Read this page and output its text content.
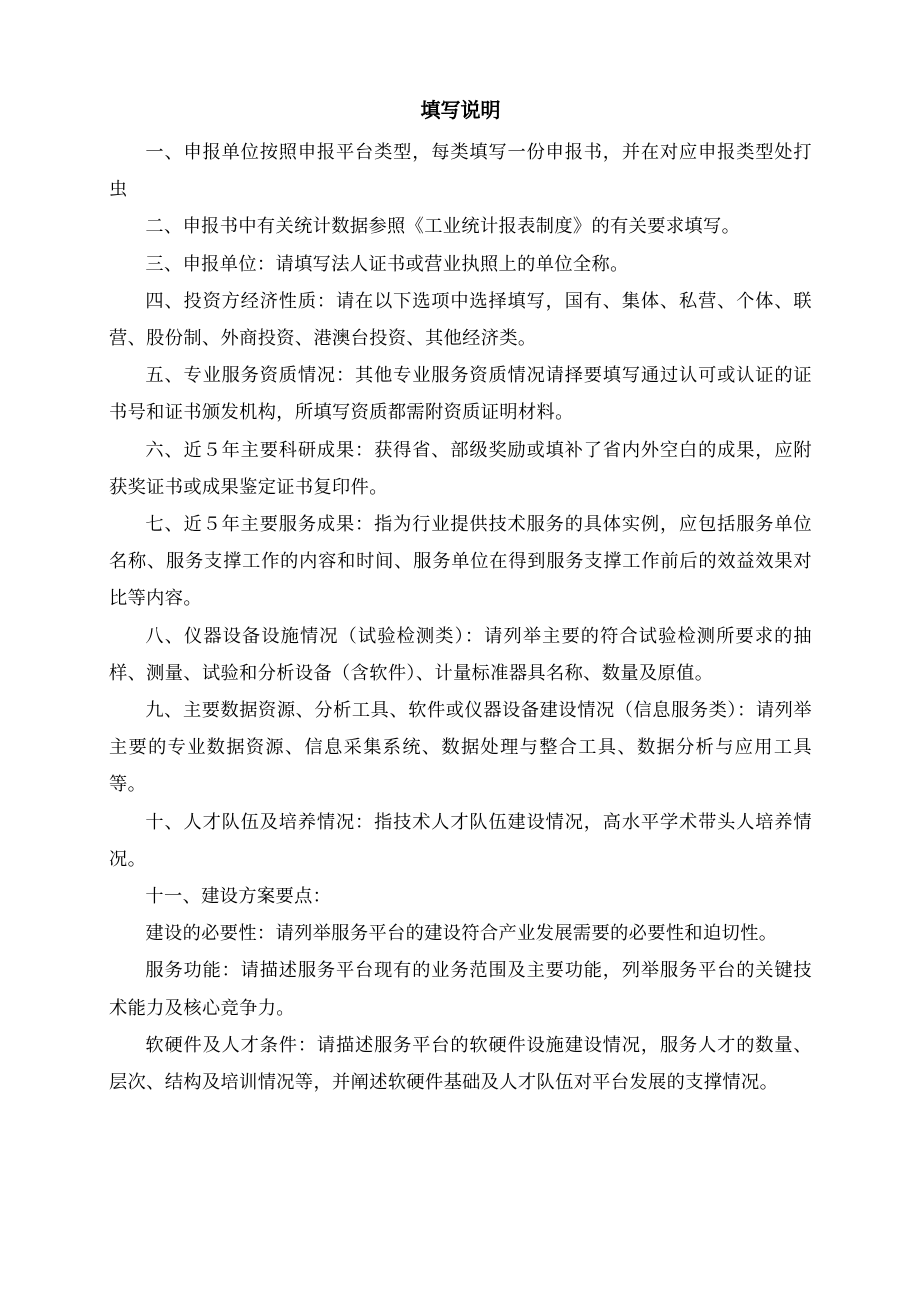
填写说明

一、申报单位按照申报平台类型，每类填写一份申报书，并在对应申报类型处打虫

二、申报书中有关统计数据参照《工业统计报表制度》的有关要求填写。

三、申报单位：请填写法人证书或营业执照上的单位全称。

四、投资方经济性质：请在以下选项中选择填写，国有、集体、私营、个体、联营、股份制、外商投资、港澳台投资、其他经济类。

五、专业服务资质情况：其他专业服务资质情况请择要填写通过认可或认证的证书号和证书颁发机构，所填写资质都需附资质证明材料。

六、近５年主要科研成果：获得省、部级奖励或填补了省内外空白的成果，应附获奖证书或成果鉴定证书复印件。

七、近５年主要服务成果：指为行业提供技术服务的具体实例，应包括服务单位名称、服务支撑工作的内容和时间、服务单位在得到服务支撑工作前后的效益效果对比等内容。

八、仪器设备设施情况（试验检测类）：请列举主要的符合试验检测所要求的抽样、测量、试验和分析设备（含软件）、计量标准器具名称、数量及原值。

九、主要数据资源、分析工具、软件或仪器设备建设情况（信息服务类）：请列举主要的专业数据资源、信息采集系统、数据处理与整合工具、数据分析与应用工具等。

十、人才队伍及培养情况：指技术人才队伍建设情况，高水平学术带头人培养情况。

十一、建设方案要点：

建设的必要性：请列举服务平台的建设符合产业发展需要的必要性和迫切性。

服务功能：请描述服务平台现有的业务范围及主要功能，列举服务平台的关键技术能力及核心竞争力。

软硬件及人才条件：请描述服务平台的软硬件设施建设情况，服务人才的数量、层次、结构及培训情况等，并阐述软硬件基础及人才队伍对平台发展的支撑情况。
